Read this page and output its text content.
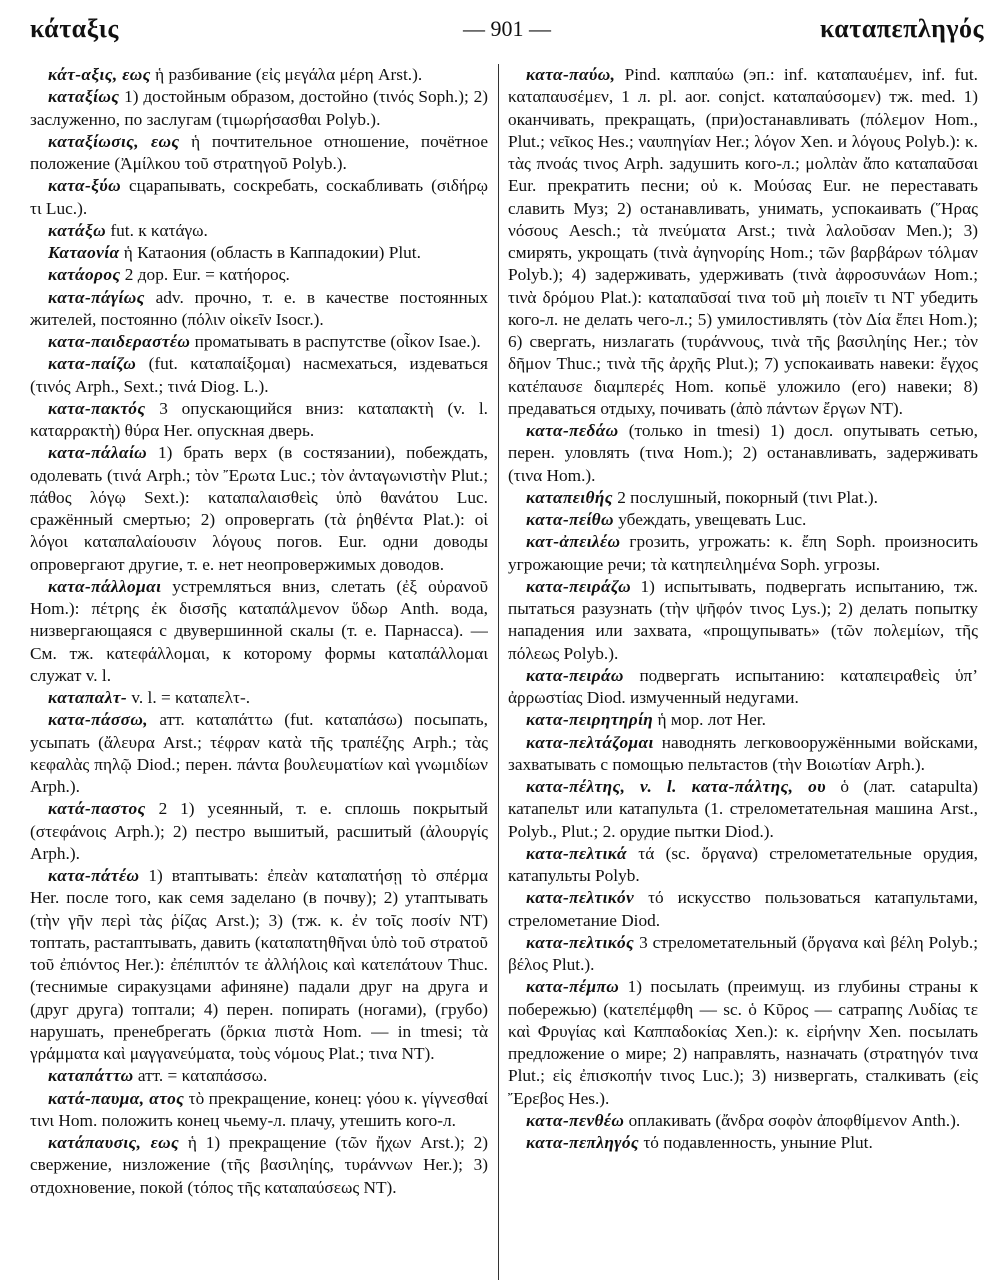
κάταξις	— 901 —	καταπεπληγός

κάτ-αξις, εως ἡ разбивание (εἰς μεγάλα μέρη Arst.).

καταξίως 1) достойным образом, достойно (τινός Soph.); 2) заслуженно, по заслугам (τιμωρήσασθαι Polyb.).

καταξίωσις, εως ἡ почтительное отношение, почётное положение (Ἀμίλκου τοῦ στρατηγοῦ Polyb.).

κατα-ξύω сцарапывать, соскребать, соскабливать (σιδήρῳ τι Luc.).

κατάξω fut. к κατάγω.

Καταονία ἡ Катаония (область в Каппадокии) Plut.

κατάορος 2 дор. Eur. = κατήορος.

κατα-πάγίως adv. прочно, т. е. в качестве постоянных жителей, постоянно (πόλιν οἰκεῖν Isocr.).

κατα-παιδεραστέω проматывать в распутстве (οἶκον Isae.).

κατα-παίζω (fut. καταπαίξομαι) насмехаться, издеваться (τινός Arph., Sext.; τινά Diog. L.).

κατα-πακτός 3 опускающийся вниз: καταπακτὴ (v. l. καταρρακτὴ) θύρα Her. опускная дверь.

κατα-πάλαίω 1) брать верх (в состязании), побеждать, одолевать (τινά Arph.; τὸν Ἔρωτα Luc.; τὸν ἀνταγωνιστὴν Plut.; πάθος λόγῳ Sext.): καταπαλαισθεὶς ὑπὸ θανάτου Luc. сражённый смертью; 2) опровергать (τὰ ῥηθέντα Plat.): οἱ λόγοι καταπαλαίουσιν λόγους погов. Eur. одни доводы опровергают другие, т. е. нет неопровержимых доводов.

κατα-πάλλομαι устремляться вниз, слетать (ἐξ οὐρανοῦ Hom.): πέτρης ἐκ δισσῆς καταπάλμενον ὕδωρ Anth. вода, низвергающаяся с двувершинной скалы (т. е. Парнасса). — См. тж. κατεφάλλομαι, к которому формы καταπάλλομαι служат v. l.

καταπαλτ- v. l. = καταπελτ-.

κατα-πάσσω, атт. καταπάττω (fut. καταπάσω) посыпать, усыпать (ἄλευρα Arst.; τέφραν κατὰ τῆς τραπέζης Arph.; τὰς κεφαλὰς πηλῷ Diod.; перен. πάντα βουλευματίων καὶ γνωμιδίων Arph.).

κατά-παστος 2 1) усеянный, т. е. сплошь покрытый (στεφάνοις Arph.); 2) пестро вышитый, расшитый (ἀλουργίς Arph.).

κατα-πάτέω 1) втаптывать: ἐπεὰν καταπατήσῃ τὸ σπέρμα Her. после того, как семя заделано (в почву); 2) утаптывать (τὴν γῆν περὶ τὰς ῥίζας Arst.); 3) (тж. κ. ἐν τοῖς ποσίν NT) топтать, растаптывать, давить (καταπατηθῆναι ὑπὸ τοῦ στρατοῦ τοῦ ἐπιόντος Her.): ἐπέπιπτόν τε ἀλλήλοις καὶ κατεπάτουν Thuc. (теснимые сиракузцами афиняне) падали друг на друга и (друг друга) топтали; 4) перен. попирать (ногами), (грубо) нарушать, пренебрегать (ὅρκια πιστὰ Hom. — in tmesi; τὰ γράμματα καὶ μαγγανεύματα, τοὺς νόμους Plat.; τινα NT).

καταπάττω атт. = καταπάσσω.

κατά-παυμα, ατος τὸ прекращение, конец: γόου κ. γίγνεσθαί τινι Hom. положить конец чьему-л. плачу, утешить кого-л.

κατάπαυσις, εως ἡ 1) прекращение (τῶν ἤχων Arst.); 2) свержение, низложение (τῆς βασιληίης, τυράννων Her.); 3) отдохновение, покой (τόπος τῆς καταπαύσεως NT).

κατα-παύω, Pind. καππαύω (эп.: inf. καταπαυέμεν, inf. fut. καταπαυσέμεν, 1 л. pl. aor. conjct. καταπαύσομεν) тж. med. 1) оканчивать, прекращать, (при)останавливать (πόλεμον Hom., Plut.; νεῖκος Hes.; ναυπηγίαν Her.; λόγον Xen. и λόγους Polyb.): κ. τὰς πνοάς τινος Arph. задушить кого-л.; μολπὰν ἄπο καταπαῦσαι Eur. прекратить песни; οὐ κ. Μούσας Eur. не переставать славить Муз; 2) останавливать, унимать, успокаивать (Ἥρας νόσους Aesch.; τὰ πνεύματα Arst.; τινὰ λαλοῦσαν Men.); 3) смирять, укрощать (τινὰ ἀγηνορίης Hom.; τῶν βαρβάρων τόλμαν Polyb.); 4) задерживать, удерживать (τινὰ ἀφροσυνάων Hom.; τινὰ δρόμου Plat.): καταπαῦσαί τινα τοῦ μὴ ποιεῖν τι NT убедить кого-л. не делать чего-л.; 5) умилостивлять (τὸν Δία ἔπει Hom.); 6) свергать, низлагать (τυράννους, τινὰ τῆς βασιληίης Her.; τὸν δῆμον Thuc.; τινὰ τῆς ἀρχῆς Plut.); 7) успокаивать навеки: ἔγχος κατέπαυσε διαμπερές Hom. копьё уложило (его) навеки; 8) предаваться отдыху, почивать (ἀπὸ πάντων ἔργων NT).

κατα-πεδάω (только in tmesi) 1) досл. опутывать сетью, перен. уловлять (τινα Hom.); 2) останавливать, задерживать (τινα Hom.).

καταπειθής 2 послушный, покорный (τινι Plat.).

κατα-πείθω убеждать, увещевать Luc.

κατ-ἀπειλέω грозить, угрожать: κ. ἔπη Soph. произносить угрожающие речи; τὰ κατηπειλημένα Soph. угрозы.

κατα-πειράζω 1) испытывать, подвергать испытанию, тж. пытаться разузнать (τὴν ψῆφόν τινος Lys.); 2) делать попытку нападения или захвата, «прощупывать» (τῶν πολεμίων, τῆς πόλεως Polyb.).

κατα-πειράω подвергать испытанию: καταπειραθεὶς ὑπ’ ἀρρωστίας Diod. измученный недугами.

κατα-πειρητηρίη ἡ мор. лот Her.

κατα-πελτάζομαι наводнять легковооружёнными войсками, захватывать с помощью пельтастов (τὴν Βοιωτίαν Arph.).

κατα-πέλτης, v. l. κατα-πάλτης, ου ὁ (лат. catapulta) катапельт или катапульта (1. стрелометательная машина Arst., Polyb., Plut.; 2. орудие пытки Diod.).

κατα-πελτικά τά (sc. ὄργανα) стрелометательные орудия, катапульты Polyb.

κατα-πελτικόν τό искусство пользоваться катапультами, стрелометание Diod.

κατα-πελτικός 3 стрелометательный (ὄργανα καὶ βέλη Polyb.; βέλος Plut.).

κατα-πέμπω 1) посылать (преимущ. из глубины страны к побережью) (κατεπέμφθη — sc. ὁ Κῦρος — сатрапης Λυδίας τε καὶ Φρυγίας καὶ Καππαδοκίας Xen.): κ. εἰρήνην Xen. посылать предложение о мире; 2) направлять, назначать (στρατηγόν τινα Plut.; εἰς ἐπισκοπήν τινος Luc.); 3) низвергать, сталкивать (εἰς Ἔρεβος Hes.).

κατα-πενθέω оплакивать (ἄνδρα σοφὸν ἀποφθίμενον Anth.).

κατα-πεπληγός τό подавленность, уныние Plut.
